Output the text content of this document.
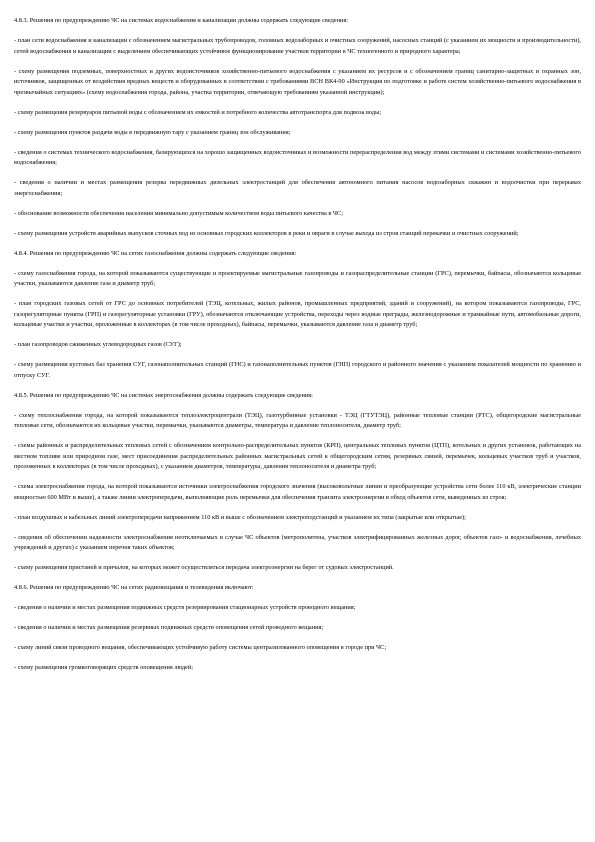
4.8.3. Решения по предупреждению ЧС на системах водоснабжения и канализации должны содержать следующие сведения:

- план сети водоснабжения и канализации с обозначением магистральных трубопроводов, головных водозаборных и очистных сооружений, насосных станций (с указанием их мощности и производительности), сетей водоснабжения и канализации с выделением обеспечивающих устойчивое функционирование участков территории в ЧС техногенного и природного характера;

- схему размещения подземных, поверхностных и других водоисточников хозяйственно-питьевого водоснабжения с указанием их ресурсов и с обозначением границ санитарно-защитных и охранных зон, источников, защищенных от воздействия вредных веществ и оборудованных в соответствии с требованиями ВСН ВК4-90 «Инструкция по подготовке и работе систем хозяйственно-питьевого водоснабжения в чрезвычайных ситуациях» (схему водоснабжения города, района, участка территории, отвечающую требованиям указанной инструкции);

- схему размещения резервуаров питьевой воды с обозначением их емкостей и потребного количества автотранспорта для подвоза воды;

- схему размещения пунктов раздачи воды в передвижную тару с указанием границ зон обслуживания;

- сведения о системах технического водоснабжения, базирующихся на хорошо защищенных водоисточниках и возможности перераспределения вод между этими системами и системами хозяйственно-питьевого водоснабжения;

- сведения о наличии и местах размещения резерва передвижных дизельных электростанций для обеспечения автономного питания насосов водозаборных скважин и водоочистки при перерывах энергоснабжения;

- обоснование возможности обеспечения населения минимально допустимым количеством воды питьевого качества в ЧС;

- схему размещения устройств аварийных выпусков сточных вод из основных городских коллекторов в реки и овраги в случае выхода из строя станций перекачки и очистных сооружений;

4.8.4. Решения по предупреждению ЧС на сетях газоснабжения должны содержать следующие сведения:

- схему газоснабжения города, на которой показываются существующие и проектируемые магистральные газопроводы и газораспределительные станции (ГРС), перемычки, байпасы, обозначаются кольцевые участки, указываются давление газа и диаметр труб;

- план городских газовых сетей от ГРС до основных потребителей (ТЭЦ, котельных, жилых районов, промышленных предприятий, зданий и сооружений), на котором показываются газопроводы, ГРС, газорегуляторные пункты (ГРП) и газорегуляторные установки (ГРУ), обозначаются отключающие устройства, переходы через водные преграды, железнодорожные и трамвайные пути, автомобильные дороги, кольцевые участки и участки, проложенные в коллекторах (в том числе проходных), байпасы, перемычки, указываются давление газа и диаметр труб;

- план газопроводов сжиженных углеводородных газов (СУГ);

- схему размещения кустовых баз хранения СУГ, газонаполнительных станций (ГНС) и газонаполнительных пунктов (ГНП) городского и районного значения с указанием показателей мощности по хранению и отпуску СУГ.

4.8.5. Решения по предупреждению ЧС на системах энергоснабжения должны содержать следующие сведения:

- схему теплоснабжения города, на которой показываются теплоэлектроцентрали (ТЭЦ), газотурбинные установки - ТЭЦ (ГТУТЭЦ), районные тепловые станции (РТС), общегородские магистральные тепловые сети, обозначаются их кольцевые участки, перемычки, указываются диаметры, температура и давление теплоносителя, диаметр труб;

- схемы районных и распределительных тепловых сетей с обозначением контрольно-распределительных пунктов (КРП), центральных тепловых пунктов (ЦТП), котельных и других установок, работающих на местном топливе или природном газе, мест присоединения распределительных районных магистральных сетей к общегородским сетям, резервных связей, перемычек, кольцевых участков труб и участков, проложенных в коллекторах (в том числе проходных), с указанием диаметров, температуры, давления теплоносителя и диаметра труб;

- схема электроснабжения города, на которой показываются источники электроснабжения городского значения (высоковольтные линии и преобразующие устройства сети более 110 кВ, электрические станции мощностью 600 МВт и выше), а также линии электропередачи, выполняющие роль перемычки для обеспечения транзита электроэнергии в обход объектов сети, выведенных из строя;

- план воздушных и кабельных линий электропередачи напряжением 110 кВ и выше с обозначением электроподстанций и указанием их типа (закрытые или открытые);

- сведения об обеспечении надежности электроснабжения неотключаемых в случае ЧС объектов (метрополитена, участков электрифицированных железных дорог, объектов газо- и водоснабжения, лечебных учреждений и других) с указанием перечня таких объектов;

- схему размещения пристаней и причалов, на которых может осуществляться передача электроэнергии на берег от судовых электростанций.

4.8.6. Решения по предупреждению ЧС на сетях радиовещания и телевидения включают:

- сведения о наличии и местах размещения подвижных средств резервирования стационарных устройств проводного вещания;

- сведения о наличии и местах размещения резервных подвижных средств оповещения сетей проводного вещания;

- схему линий связи проводного вещания, обеспечивающих устойчивую работу системы централизованного оповещения в городе при ЧС;

- схему размещения громкоговорящих средств оповещения людей;
